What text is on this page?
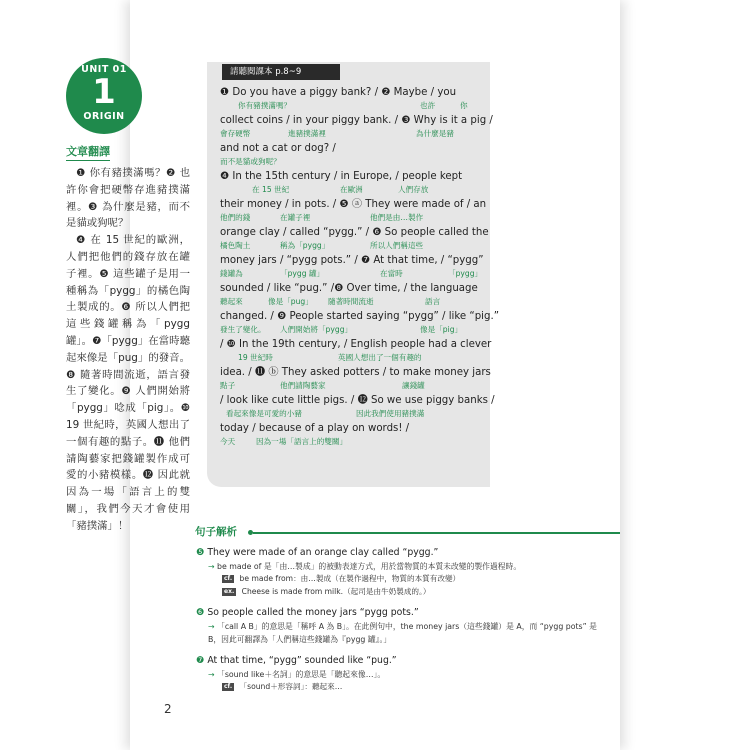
UNIT 01
1
ORIGIN
文章翻譯

❶ 你有豬撲滿嗎？❷ 也許你會把硬幣存進豬撲滿裡。❸ 為什麼是豬，而不是貓或狗呢？

❹ 在 15 世紀的歐洲，人們把他們的錢存放在罐子裡。❺ 這些罐子是用一種稱為「pygg」的橘色陶土製成的。❻ 所以人們把這些錢罐稱為「pygg 罐」。❼「pygg」在當時聽起來像是「pug」的發音。❽ 隨著時間流逝，語言發生了變化。❾ 人們開始將「pygg」唸成「pig」。❿ 19 世紀時，英國人想出了一個有趣的點子。⓫ 他們請陶藝家把錢罐製作成可愛的小豬模樣。⓬ 因此就因為一場「語言上的雙關」，我們今天才會使用「豬撲滿」！

請聽閱課本 p.8~9
❶ Do you have a piggy bank? / ❷ Maybe / you
你有豬撲滿嗎？	也許	你
collect coins / in your piggy bank. / ❸ Why is it a pig /
會存硬幣	進豬撲滿裡	為什麼是豬
and not a cat or dog? /
而不是貓或狗呢？
❹ In the 15th century / in Europe, / people kept
在 15 世紀	在歐洲	人們存放
their money / in pots. / ❺ ⓐ They were made of / an
他們的錢	在罐子裡	他們是由…製作
orange clay / called “pygg.” / ❻ So people called the
橘色陶土	稱為「pygg」	所以人們稱這些
money jars / “pygg pots.” / ❼ At that time, / “pygg”
錢罐為	「pygg 罐」	在當時	「pygg」
sounded / like “pug.” /❽ Over time, / the language
聽起來	像是「pug」 隨著時間流逝	語言
changed. / ❾ People started saying “pygg” / like “pig.”
發生了變化。 人們開始將「pygg」	像是「pig」
/ ❿ In the 19th century, / English people had a clever
19 世紀時	英國人想出了一個有趣的
idea. / ⓫ ⓑ They asked potters / to make money jars
點子	他們請陶藝家	讓錢罐
/ look like cute little pigs. / ⓬ So we use piggy banks /
看起來像是可愛的小豬	因此我們使用豬撲滿
today / because of a play on words! /
今天	因為一場「語言上的雙關」
句子解析
❺ They were made of an orange clay called “pygg.”
→ be made of 是「由…製成」的被動表達方式，用於當物質的本質未改變的製作過程時。
cf. be made from：由…製成（在製作過程中，物質的本質有改變）
ex. Cheese is made from milk.（起司是由牛奶製成的。）
❻ So people called the money jars “pygg pots.”
→ 「call A B」的意思是「稱呼 A 為 B」。在此例句中，the money jars（這些錢罐）是 A，而 “pygg pots” 是 B，因此可翻譯為「人們稱這些錢罐為『pygg 罐』。」
❼ At that time, “pygg” sounded like “pug.”
→ 「sound like＋名詞」的意思是「聽起來像…」。
cf. 「sound＋形容詞」：聽起來…
2
